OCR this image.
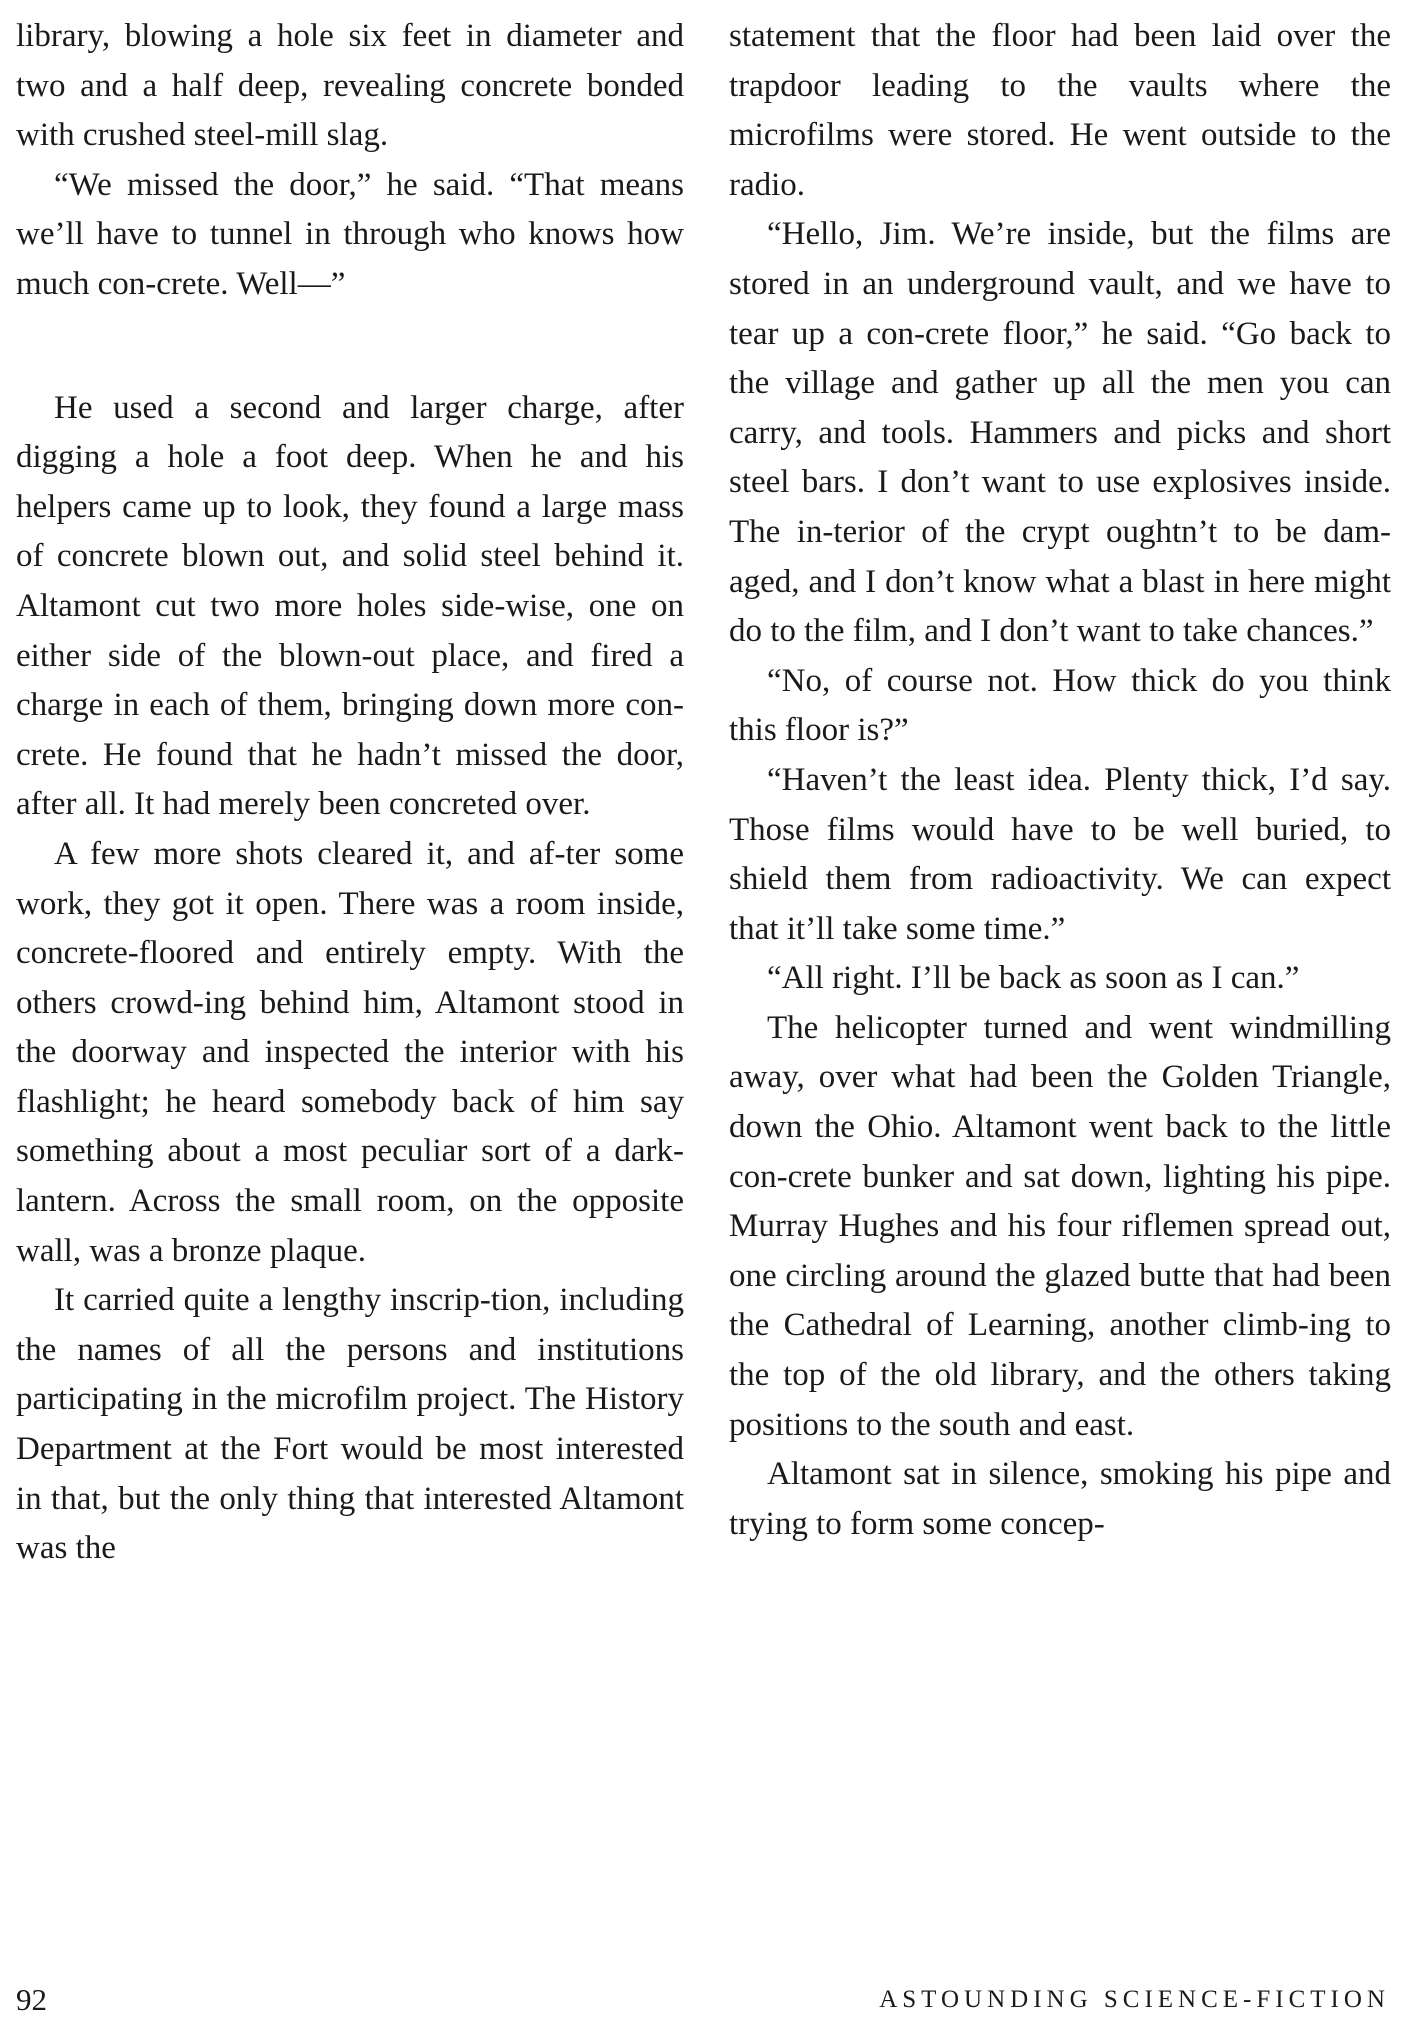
library, blowing a hole six feet in diameter and two and a half deep, revealing concrete bonded with crushed steel-mill slag.

“We missed the door,” he said. “That means we’ll have to tunnel in through who knows how much con-crete. Well—”

He used a second and larger charge, after digging a hole a foot deep. When he and his helpers came up to look, they found a large mass of concrete blown out, and solid steel behind it. Altamont cut two more holes side-wise, one on either side of the blown-out place, and fired a charge in each of them, bringing down more con-crete. He found that he hadn’t missed the door, after all. It had merely been concreted over.

A few more shots cleared it, and af-ter some work, they got it open. There was a room inside, concrete-floored and entirely empty. With the others crowd-ing behind him, Altamont stood in the doorway and inspected the interior with his flashlight; he heard somebody back of him say something about a most peculiar sort of a dark-lantern. Across the small room, on the opposite wall, was a bronze plaque.

It carried quite a lengthy inscrip-tion, including the names of all the persons and institutions participating in the microfilm project. The History Department at the Fort would be most interested in that, but the only thing that interested Altamont was the

statement that the floor had been laid over the trapdoor leading to the vaults where the microfilms were stored. He went outside to the radio.

“Hello, Jim. We’re inside, but the films are stored in an underground vault, and we have to tear up a con-crete floor,” he said. “Go back to the village and gather up all the men you can carry, and tools. Hammers and picks and short steel bars. I don’t want to use explosives inside. The in-terior of the crypt oughtn’t to be dam-aged, and I don’t know what a blast in here might do to the film, and I don’t want to take chances.”

“No, of course not. How thick do you think this floor is?”

“Haven’t the least idea. Plenty thick, I’d say. Those films would have to be well buried, to shield them from radioactivity. We can expect that it’ll take some time.”

“All right. I’ll be back as soon as I can.”

The helicopter turned and went windmilling away, over what had been the Golden Triangle, down the Ohio. Altamont went back to the little con-crete bunker and sat down, lighting his pipe. Murray Hughes and his four riflemen spread out, one circling around the glazed butte that had been the Cathedral of Learning, another climb-ing to the top of the old library, and the others taking positions to the south and east.

Altamont sat in silence, smoking his pipe and trying to form some concep-

92	ASTOUNDING SCIENCE-FICTION
